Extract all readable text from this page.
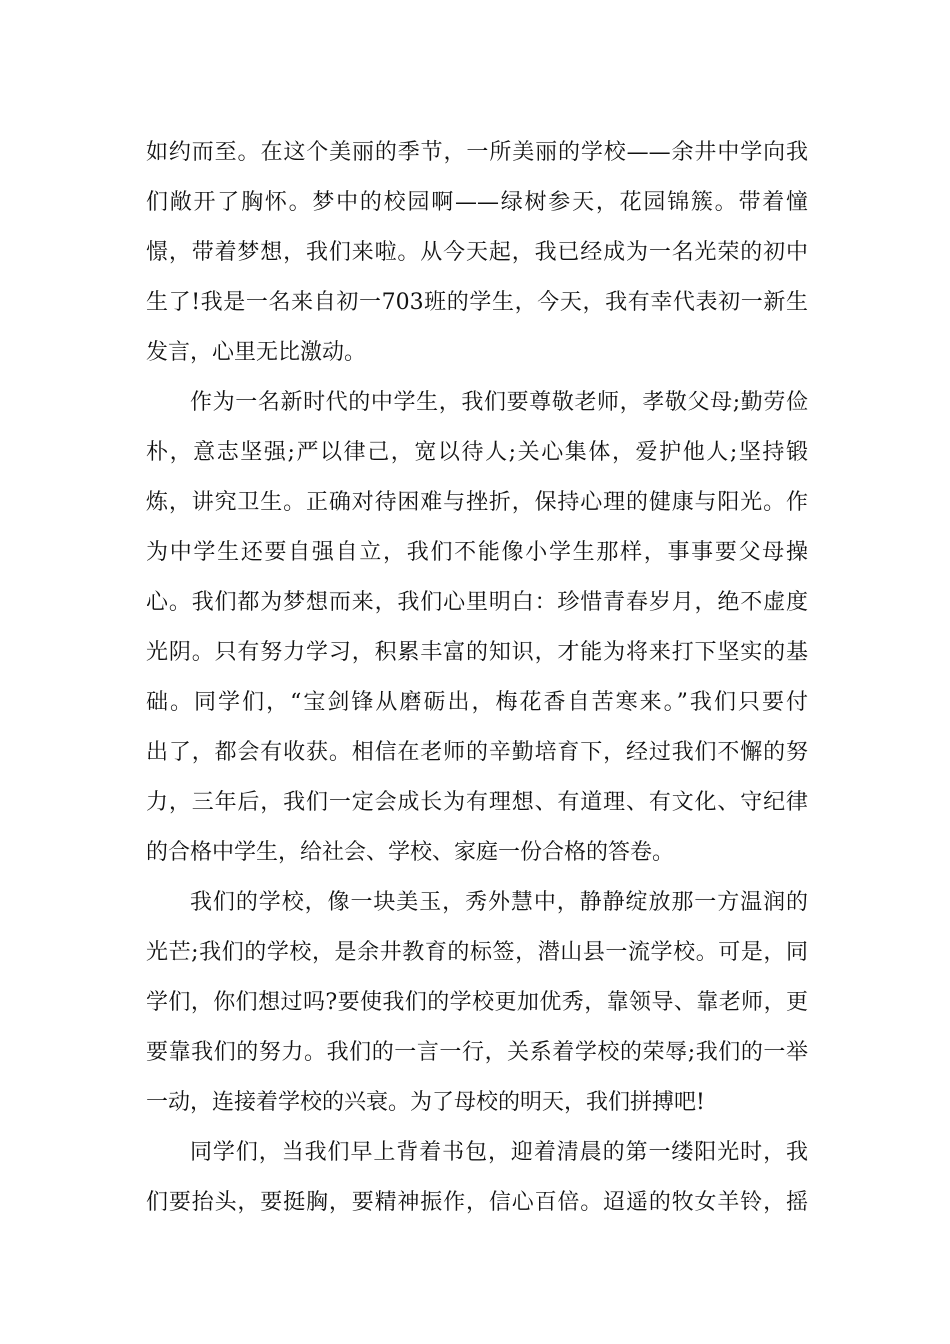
如约而至。在这个美丽的季节，一所美丽的学校——余井中学向我
们敞开了胸怀。梦中的校园啊——绿树参天，花园锦簇。带着憧
憬，带着梦想，我们来啦。从今天起，我已经成为一名光荣的初中
生了!我是一名来自初一703班的学生，今天，我有幸代表初一新生
发言，心里无比激动。
作为一名新时代的中学生，我们要尊敬老师，孝敬父母;勤劳俭
朴，意志坚强;严以律己，宽以待人;关心集体，爱护他人;坚持锻
炼，讲究卫生。正确对待困难与挫折，保持心理的健康与阳光。作
为中学生还要自强自立，我们不能像小学生那样，事事要父母操
心。我们都为梦想而来，我们心里明白：珍惜青春岁月，绝不虚度
光阴。只有努力学习，积累丰富的知识，才能为将来打下坚实的基
础。同学们，“宝剑锋从磨砺出，梅花香自苦寒来。”我们只要付
出了，都会有收获。相信在老师的辛勤培育下，经过我们不懈的努
力，三年后，我们一定会成长为有理想、有道理、有文化、守纪律
的合格中学生，给社会、学校、家庭一份合格的答卷。
我们的学校，像一块美玉，秀外慧中，静静绽放那一方温润的
光芒;我们的学校，是余井教育的标签，潜山县一流学校。可是，同
学们，你们想过吗?要使我们的学校更加优秀，靠领导、靠老师，更
要靠我们的努力。我们的一言一行，关系着学校的荣辱;我们的一举
一动，连接着学校的兴衰。为了母校的明天，我们拼搏吧!
同学们，当我们早上背着书包，迎着清晨的第一缕阳光时，我
们要抬头，要挺胸，要精神振作，信心百倍。迢遥的牧女羊铃，摇
